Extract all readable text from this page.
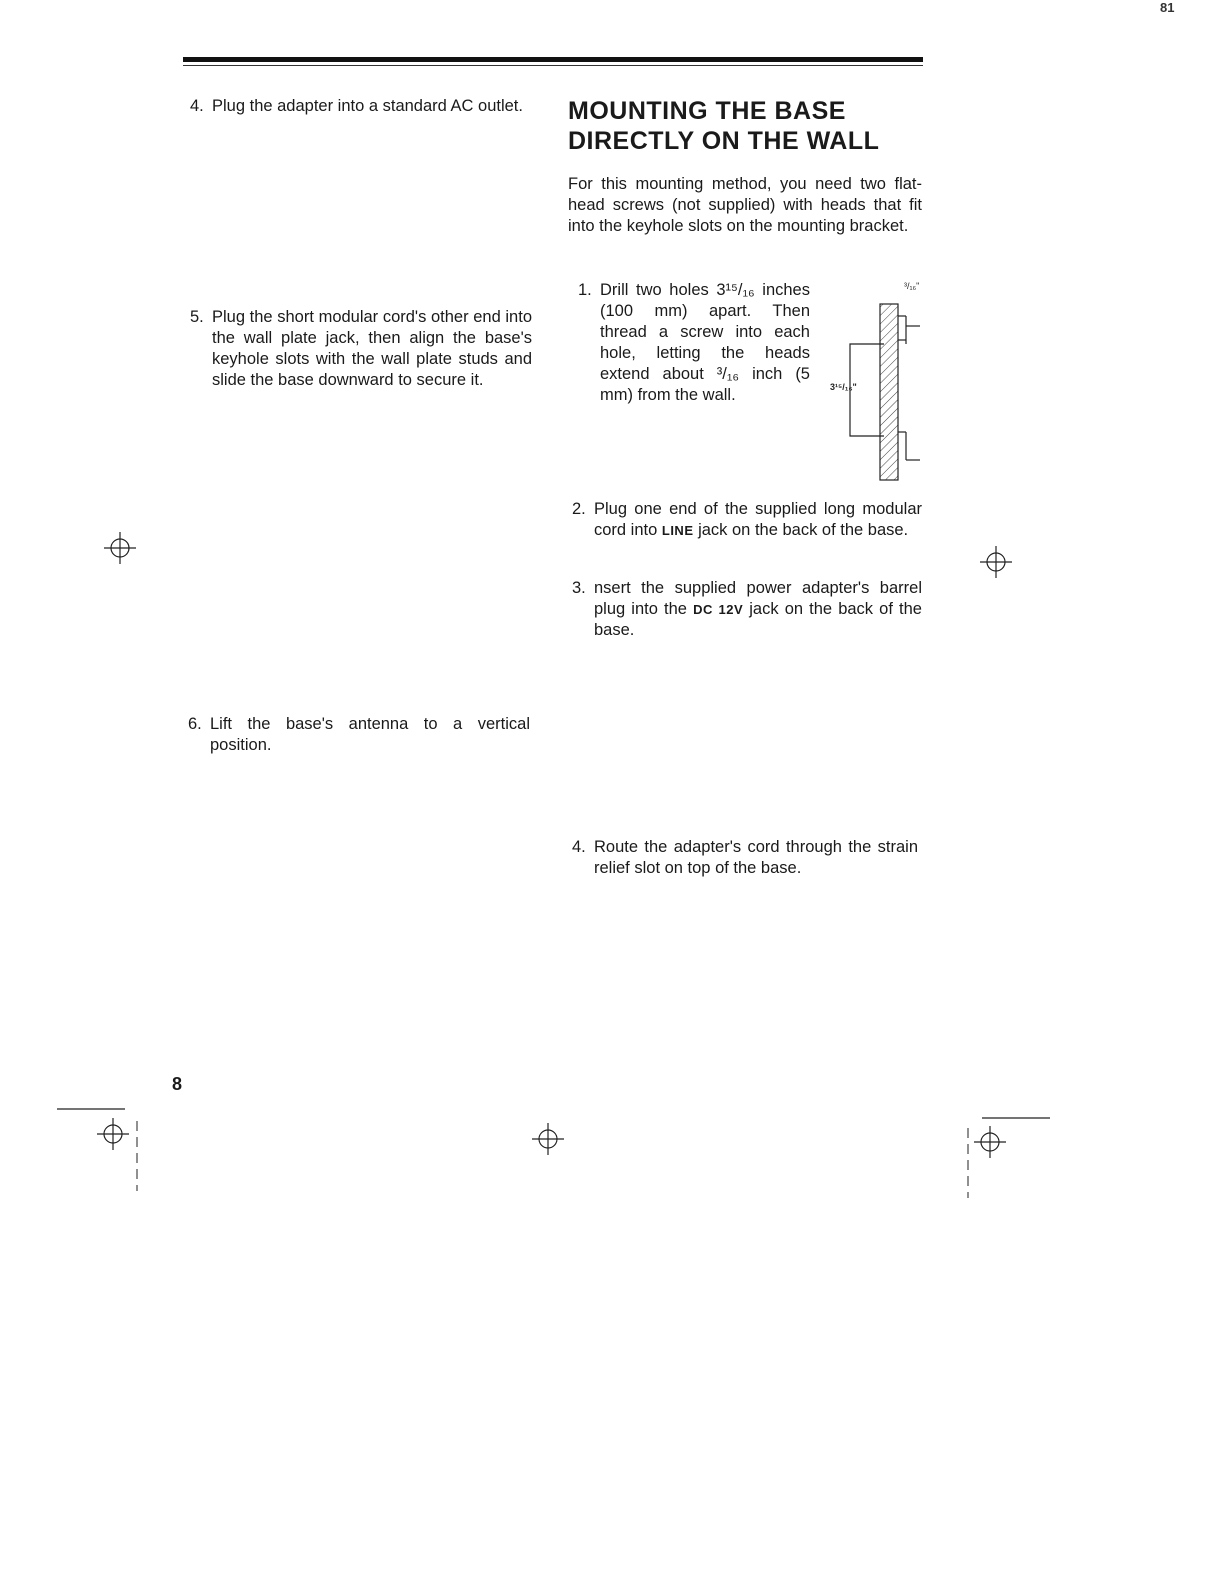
81
4. Plug the adapter into a standard AC outlet.
5. Plug the short modular cord's other end into the wall plate jack, then align the base's keyhole slots with the wall plate studs and slide the base downward to secure it.
6. Lift the base's antenna to a vertical position.
MOUNTING THE BASE
DIRECTLY ON THE WALL
For this mounting method, you need two flat-head screws (not supplied) with heads that fit into the keyhole slots on the mounting bracket.
1. Drill two holes 3¹⁵/₁₆ inches (100 mm) apart. Then thread a screw into each hole, letting the heads extend about ³/₁₆ inch (5 mm) from the wall.
³/₁₆"
3¹⁵/₁₆"
2. Plug one end of the supplied long modular cord into LINE jack on the back of the base.
3. nsert the supplied power adapter's barrel plug into the DC 12V jack on the back of the base.
4. Route the adapter's cord through the strain relief slot on top of the base.
8
